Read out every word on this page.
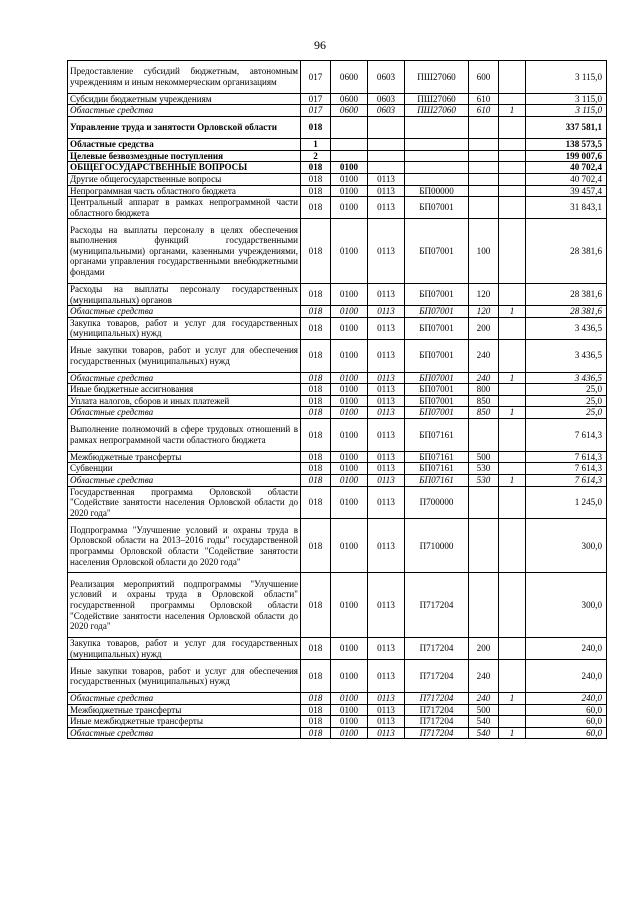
96
Предоставление субсидий бюджетным, автономным учреждениям и иным некоммерческим организациям	017	0600	0603	ПШ27060	600		3 115,0
Субсидии бюджетным учреждениям	017	0600	0603	ПШ27060	610		3 115,0
Областные средства	017	0600	0603	ПШ27060	610	1	3 115,0
Управление труда и занятости Орловской области	018						337 581,1
Областные средства	1						138 573,5
Целевые безвозмездные поступления	2						199 007,6
ОБЩЕГОСУДАРСТВЕННЫЕ ВОПРОСЫ	018	0100					40 702,4
Другие общегосударственные вопросы	018	0100	0113				40 702,4
Непрограммная часть областного бюджета	018	0100	0113	БП00000			39 457,4
Центральный аппарат в рамках непрограммной части областного бюджета	018	0100	0113	БП07001			31 843,1
Расходы на выплаты персоналу в целях обеспечения выполнения функций государственными (муниципальными) органами, казенными учреждениями, органами управления государственными внебюджетными фондами	018	0100	0113	БП07001	100		28 381,6
Расходы на выплаты персоналу государственных (муниципальных) органов	018	0100	0113	БП07001	120		28 381,6
Областные средства	018	0100	0113	БП07001	120	1	28 381,6
Закупка товаров, работ и услуг для государственных (муниципальных) нужд	018	0100	0113	БП07001	200		3 436,5
Иные закупки товаров, работ и услуг для обеспечения государственных (муниципальных) нужд	018	0100	0113	БП07001	240		3 436,5
Областные средства	018	0100	0113	БП07001	240	1	3 436,5
Иные бюджетные ассигнования	018	0100	0113	БП07001	800		25,0
Уплата налогов, сборов и иных платежей	018	0100	0113	БП07001	850		25,0
Областные средства	018	0100	0113	БП07001	850	1	25,0
Выполнение полномочий в сфере трудовых отношений в рамках непрограммной части областного бюджета	018	0100	0113	БП07161			7 614,3
Межбюджетные трансферты	018	0100	0113	БП07161	500		7 614,3
Субвенции	018	0100	0113	БП07161	530		7 614,3
Областные средства	018	0100	0113	БП07161	530	1	7 614,3
Государственная программа Орловской области "Содействие занятости населения Орловской области до 2020 года"	018	0100	0113	П700000			1 245,0
Подпрограмма "Улучшение условий и охраны труда в Орловской области на 2013–2016 годы" государственной программы Орловской области "Содействие занятости населения Орловской области до 2020 года"	018	0100	0113	П710000			300,0
Реализация мероприятий подпрограммы "Улучшение условий и охраны труда в Орловской области" государственной программы Орловской области "Содействие занятости населения Орловской области до 2020 года"	018	0100	0113	П717204			300,0
Закупка товаров, работ и услуг для государственных (муниципальных) нужд	018	0100	0113	П717204	200		240,0
Иные закупки товаров, работ и услуг для обеспечения государственных (муниципальных) нужд	018	0100	0113	П717204	240		240,0
Областные средства	018	0100	0113	П717204	240	1	240,0
Межбюджетные трансферты	018	0100	0113	П717204	500		60,0
Иные межбюджетные трансферты	018	0100	0113	П717204	540		60,0
Областные средства	018	0100	0113	П717204	540	1	60,0
